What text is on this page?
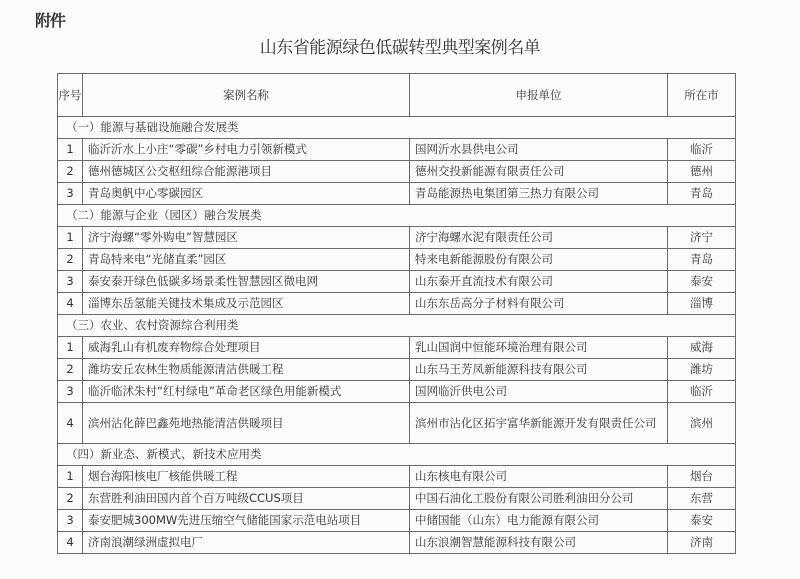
附件
山东省能源绿色低碳转型典型案例名单
序号	案例名称	申报单位	所在市
（一）能源与基础设施融合发展类			
1	临沂沂水上小庄“零碳”乡村电力引领新模式	国网沂水县供电公司	临沂
2	德州德城区公交枢纽综合能源港项目	德州交投新能源有限责任公司	德州
3	青岛奥帆中心零碳园区	青岛能源热电集团第三热力有限公司	青岛
（二）能源与企业（园区）融合发展类			
1	济宁海螺“零外购电”智慧园区	济宁海螺水泥有限责任公司	济宁
2	青岛特来电“光储直柔”园区	特来电新能源股份有限公司	青岛
3	泰安泰开绿色低碳多场景柔性智慧园区微电网	山东泰开直流技术有限公司	泰安
4	淄博东岳氢能关键技术集成及示范园区	山东东岳高分子材料有限公司	淄博
（三）农业、农村资源综合利用类			
1	威海乳山有机废弃物综合处理项目	乳山国润中恒能环境治理有限公司	威海
2	潍坊安丘农林生物质能源清洁供暖工程	山东马王芳凤新能源科技有限公司	潍坊
3	临沂临沭朱村“红村绿电”革命老区绿色用能新模式	国网临沂供电公司	临沂
4	滨州沾化薛巴鑫苑地热能清洁供暖项目	滨州市沾化区拓宇富华新能源开发有限责任公司	滨州
（四）新业态、新模式、新技术应用类			
1	烟台海阳核电厂核能供暖工程	山东核电有限公司	烟台
2	东营胜利油田国内首个百万吨级CCUS项目	中国石油化工股份有限公司胜利油田分公司	东营
3	泰安肥城300MW先进压缩空气储能国家示范电站项目	中储国能（山东）电力能源有限公司	泰安
4	济南浪潮绿洲虚拟电厂	山东浪潮智慧能源科技有限公司	济南
